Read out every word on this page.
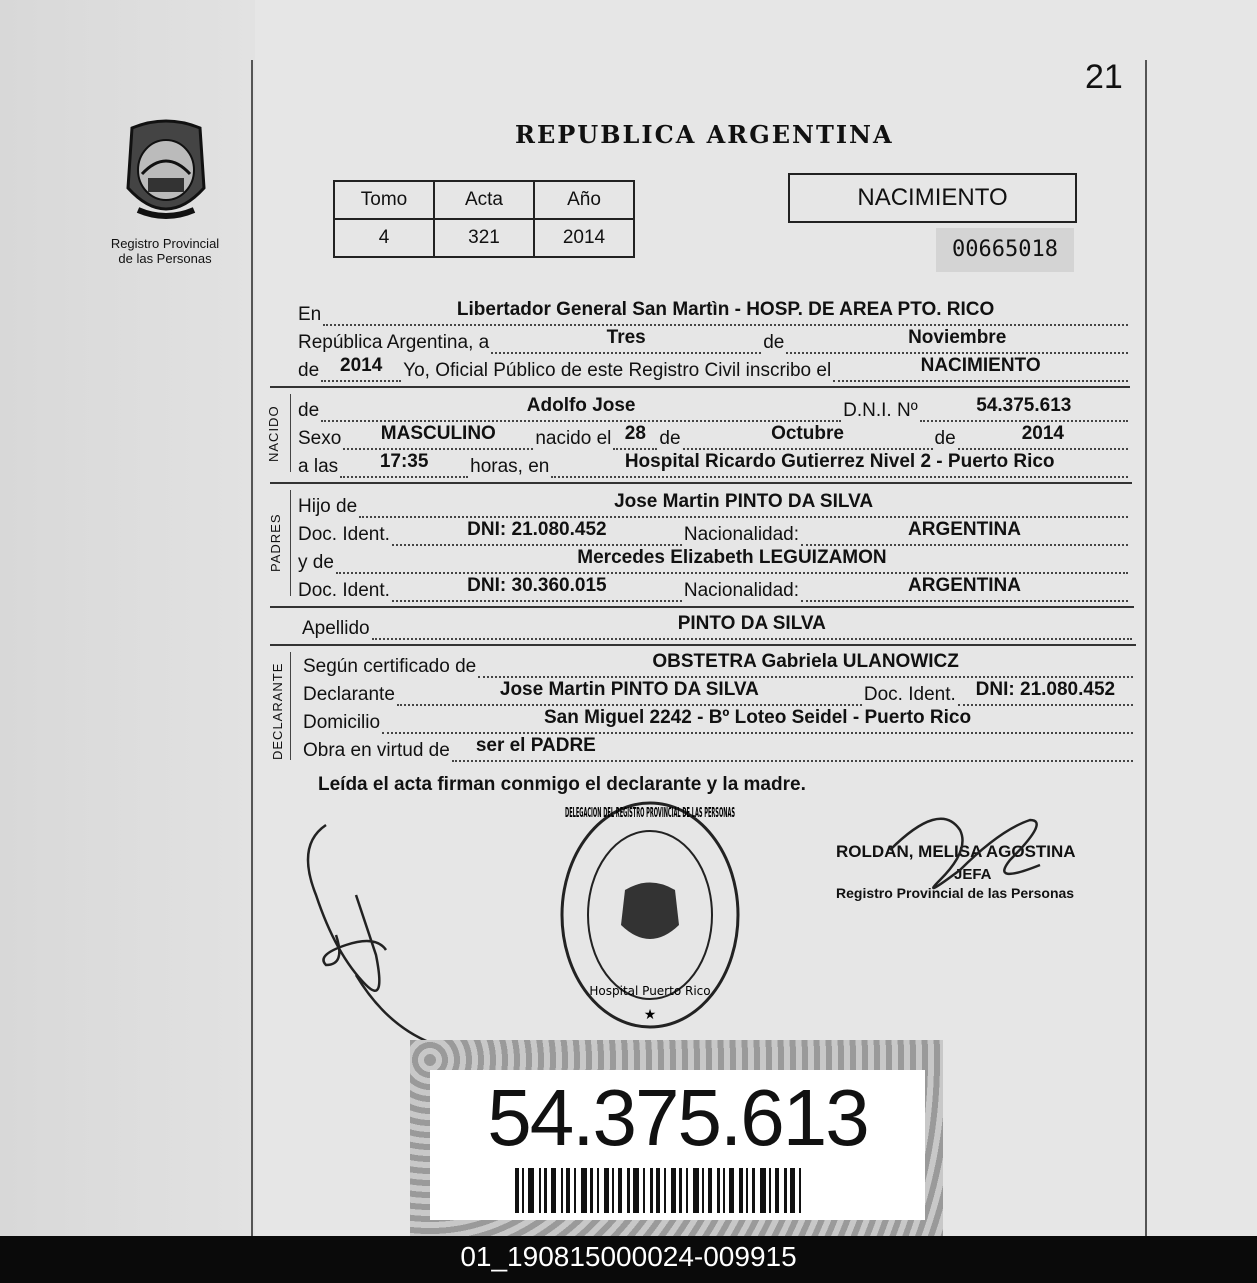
21
Registro Provincial
de las Personas
REPUBLICA ARGENTINA
Tomo	Acta	Año
4	321	2014
NACIMIENTO
00665018
En	Libertador General San Martìn - HOSP. DE AREA PTO. RICO
República Argentina, a	Tres	de	Noviembre
de	2014	Yo, Oficial Público de este Registro Civil inscribo el	NACIMIENTO
NACIDO de	Adolfo Jose	D.N.I. Nº	54.375.613
Sexo	MASCULINO	nacido el 28 de	Octubre	de	2014
a las	17:35	horas, en	Hospital Ricardo Gutierrez Nivel 2 - Puerto Rico
PADRES
Hijo de	Jose Martin PINTO DA SILVA
Doc. Ident.	DNI: 21.080.452	Nacionalidad:	ARGENTINA
y de	Mercedes Elizabeth LEGUIZAMON
Doc. Ident.	DNI: 30.360.015	Nacionalidad:	ARGENTINA
Apellido	PINTO DA SILVA
DECLARANTE Según certificado de	OBSTETRA Gabriela ULANOWICZ
Declarante	Jose Martin PINTO DA SILVA	Doc. Ident.	DNI: 21.080.452
Domicilio	San Miguel 2242 - Bº Loteo Seidel - Puerto Rico
Obra en virtud de ser el PADRE
Leída el acta firman conmigo el declarante y la madre.
DELEGACION DEL REGISTRO PROVINCIAL DE LAS PERSONAS
Hospital Puerto Rico
★
ROLDAN, MELISA AGOSTINA
JEFA
Registro Provincial de las Personas
54.375.613
01_190815000024-009915
